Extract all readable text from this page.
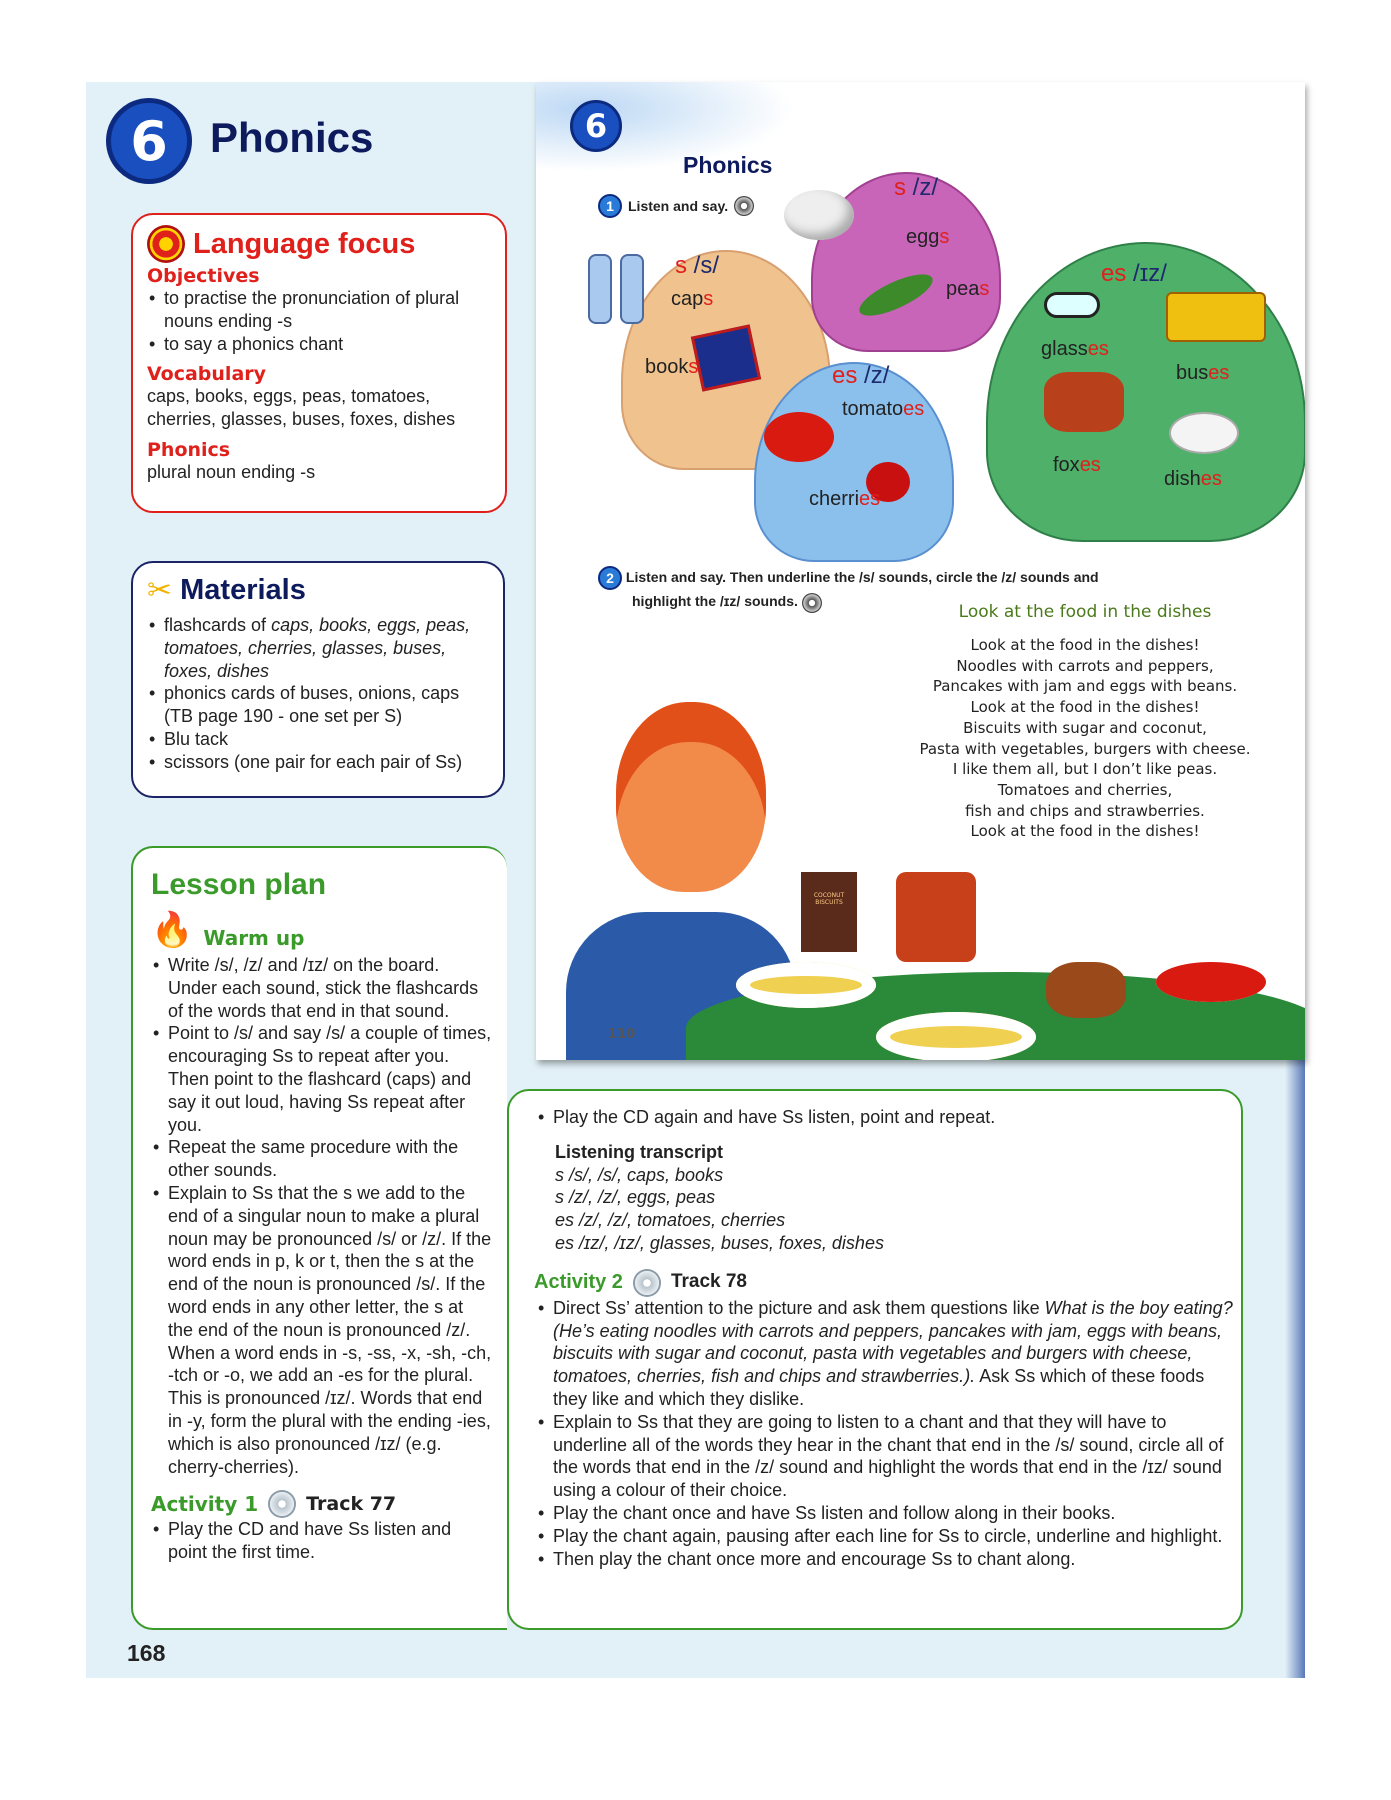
6	Phonics
Language focus
Objectives
• to practise the pronunciation of plural nouns ending -s
• to say a phonics chant
Vocabulary
caps, books, eggs, peas, tomatoes, cherries, glasses, buses, foxes, dishes
Phonics
plural noun ending -s
✂ Materials
• flashcards of caps, books, eggs, peas, tomatoes, cherries, glasses, buses, foxes, dishes
• phonics cards of buses, onions, caps (TB page 190 - one set per S)
• Blu tack
• scissors (one pair for each pair of Ss)
Lesson plan
🔥 Warm up
• Write /s/, /z/ and /ɪz/ on the board. Under each sound, stick the flashcards of the words that end in that sound.
• Point to /s/ and say /s/ a couple of times, encouraging Ss to repeat after you. Then point to the flashcard (caps) and say it out loud, having Ss repeat after you.
• Repeat the same procedure with the other sounds.
• Explain to Ss that the s we add to the end of a singular noun to make a plural noun may be pronounced /s/ or /z/. If the word ends in p, k or t, then the s at the end of the noun is pronounced /s/. If the word ends in any other letter, the s at the end of the noun is pronounced /z/. When a word ends in -s, -ss, -x, -sh, -ch, -tch or -o, we add an -es for the plural. This is pronounced /ɪz/. Words that end in -y, form the plural with the ending -ies, which is also pronounced /ɪz/ (e.g. cherry-cherries).
Activity 1	Track 77
• Play the CD and have Ss listen and point the first time.
• Play the CD again and have Ss listen, point and repeat.
Listening transcript
s /s/, /s/, caps, books
s /z/, /z/, eggs, peas
es /z/, /z/, tomatoes, cherries
es /ɪz/, /ɪz/, glasses, buses, foxes, dishes
Activity 2	Track 78
• Direct Ss’ attention to the picture and ask them questions like What is the boy eating? (He’s eating noodles with carrots and peppers, pancakes with jam, eggs with beans, biscuits with sugar and coconut, pasta with vegetables and burgers with cheese, tomatoes, cherries, fish and chips and strawberries.). Ask Ss which of these foods they like and which they dislike.
• Explain to Ss that they are going to listen to a chant and that they will have to underline all of the words they hear in the chant that end in the /s/ sound, circle all of the words that end in the /z/ sound and highlight the words that end in the /ɪz/ sound using a colour of their choice.
• Play the chant once and have Ss listen and follow along in their books.
• Play the chant again, pausing after each line for Ss to circle, underline and highlight.
• Then play the chant once more and encourage Ss to chant along.
168
6
Phonics
1	Listen and say.
s /s/
caps
books
s /z/
eggs
peas
es /z/
tomatoes
cherries
es /ɪz/
glasses
buses
foxes
dishes
2 Listen and say. Then underline the /s/ sounds, circle the /z/ sounds and
highlight the /ɪz/ sounds.
Look at the food in the dishes
Look at the food in the dishes!
Noodles with carrots and peppers,
Pancakes with jam and eggs with beans.
Look at the food in the dishes!
Biscuits with sugar and coconut,
Pasta with vegetables, burgers with cheese.
I like them all, but I don’t like peas.
Tomatoes and cherries,
fish and chips and strawberries.
Look at the food in the dishes!
COCONUT BISCUITS
110
